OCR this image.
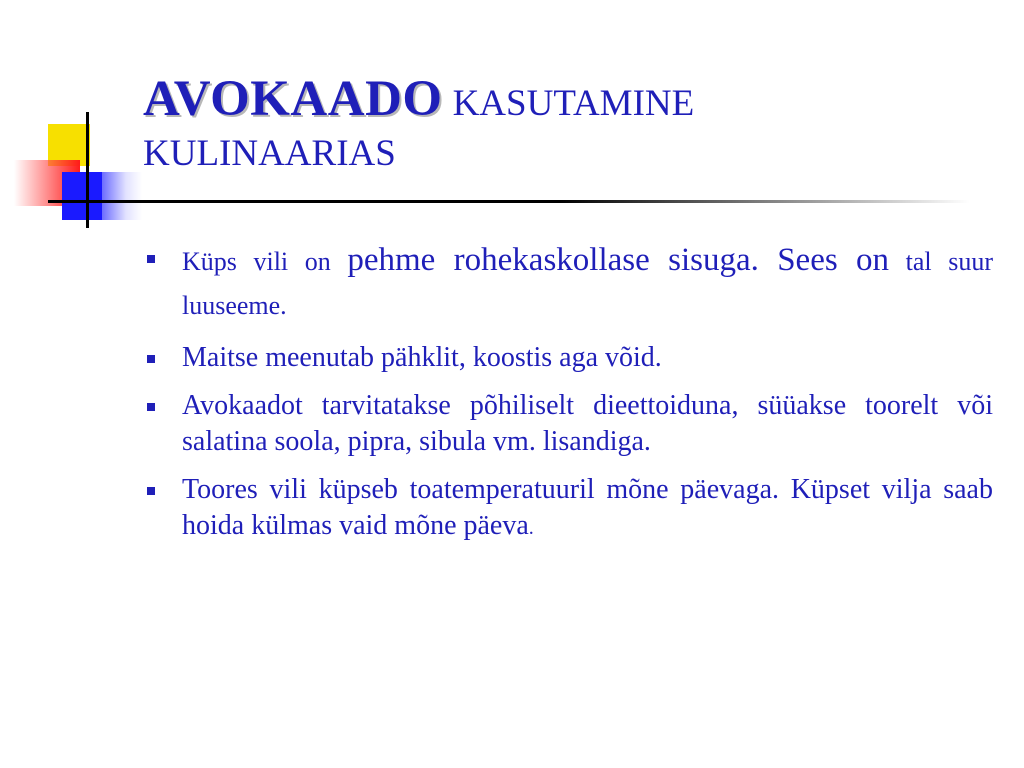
AVOKAADO KASUTAMINE
KULINAARIAS
Küps vili on pehme rohekaskollase sisuga. Sees on tal suur luuseeme.
Maitse meenutab pähklit, koostis aga võid.
Avokaadot tarvitatakse põhiliselt dieettoiduna, süüakse toorelt või salatina soola, pipra, sibula vm. lisandiga.
Toores vili küpseb toatemperatuuril mõne päevaga. Küpset vilja saab hoida külmas vaid mõne päeva.
